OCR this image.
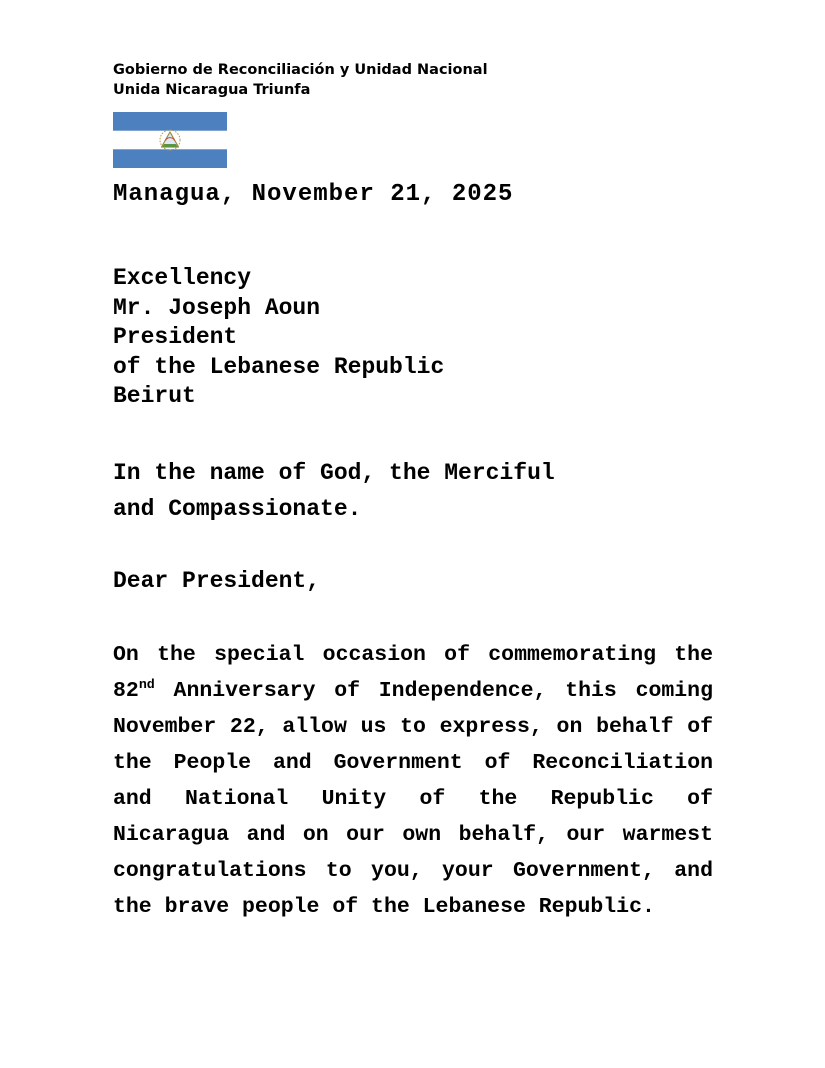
Gobierno de Reconciliación y Unidad Nacional
Unida Nicaragua Triunfa
Managua, November 21, 2025
Excellency
Mr. Joseph Aoun
President
of the Lebanese Republic
Beirut
In the name of God, the Merciful
and Compassionate.
Dear President,
On the special occasion of commemorating the
82nd Anniversary of Independence, this coming
November 22, allow us to express, on behalf of
the People and Government of Reconciliation
and National Unity of the Republic of
Nicaragua and on our own behalf, our warmest
congratulations to you, your Government, and
the brave people of the Lebanese Republic.
